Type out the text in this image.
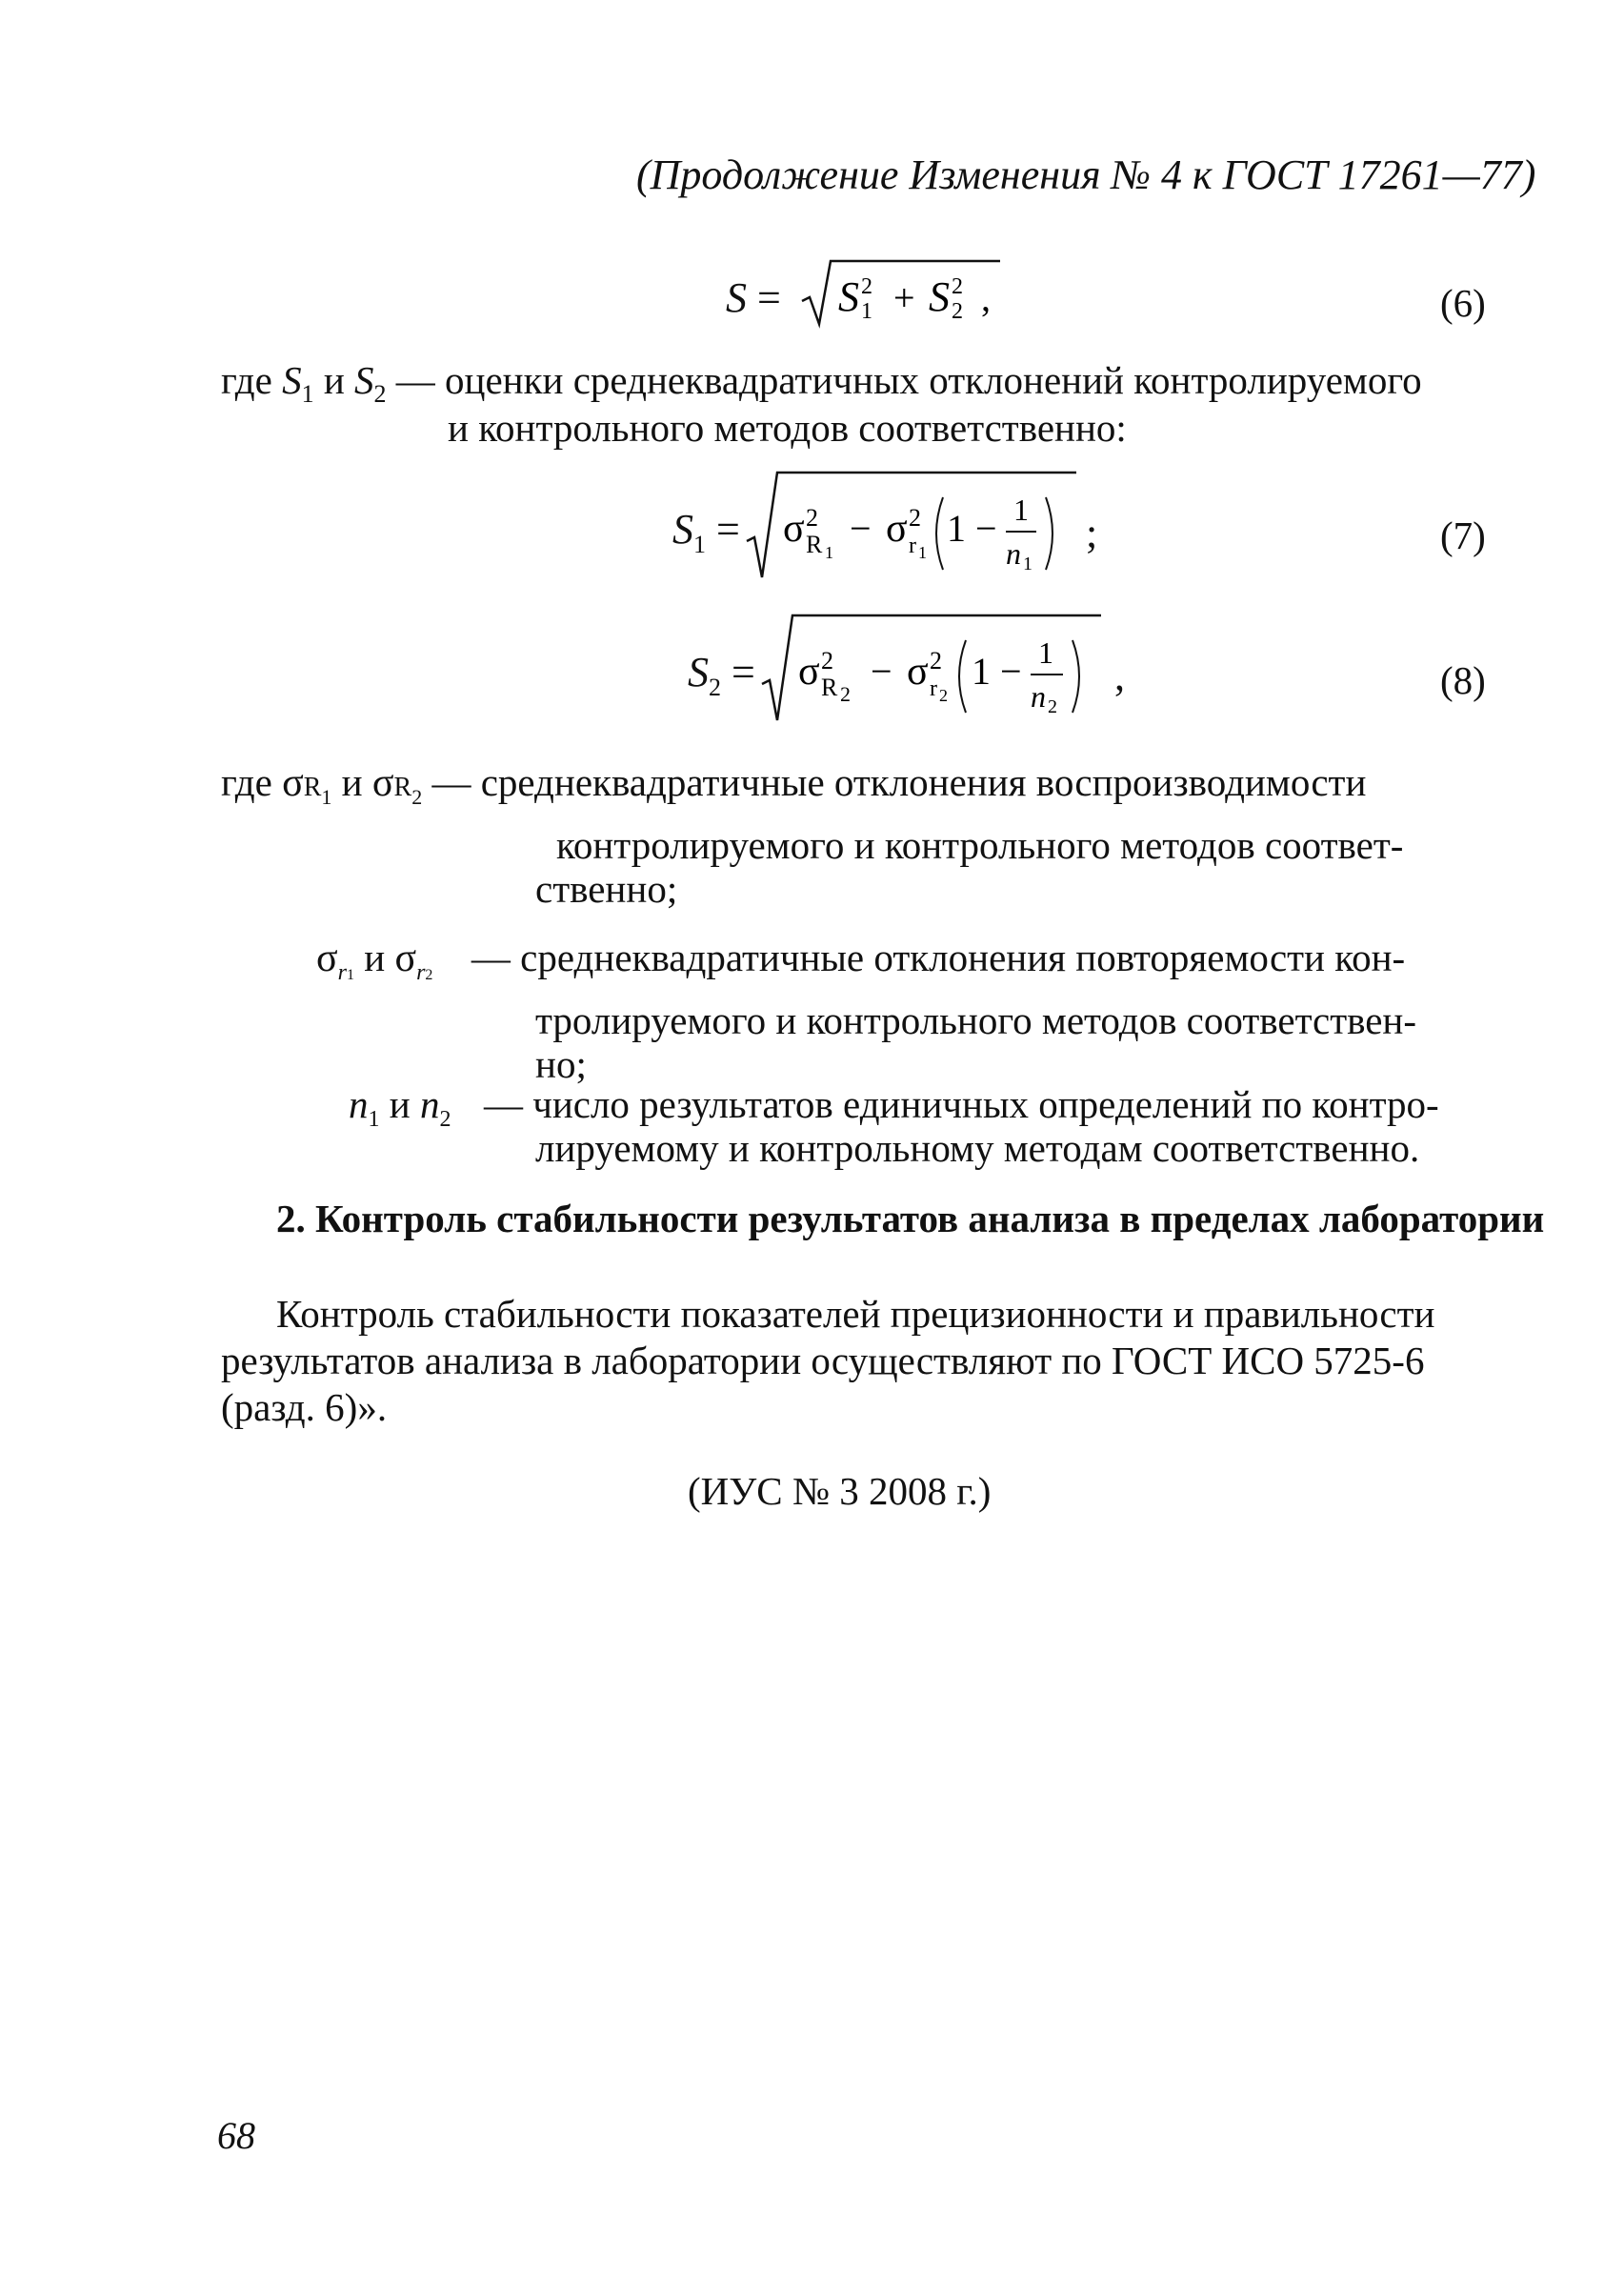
(Продолжение Изменения № 4 к ГОСТ 17261—77)
S = S 1
2 + S 2
2 ,	(6)
где $S_1$ и $S_2$ — оценки среднеквадратичных отклонений контролируемого
и контрольного методов соответственно:
$S_1 = \sigma$ R 1
2 − σ r 1
2 1 − 1
n 1
;	(7)
$S_2 = \sigma$ R 2
2 − σ r 2
2 1 − 1
n 2
,	(8)
где $\sigma R_1$ и $\sigma R_2$ — среднеквадратичные отклонения воспроизводимости
контролируемого и контрольного методов соответ-
ственно;
$\sigma_{r1}$ и $\sigma_{r2}$ — среднеквадратичные отклонения повторяемости кон-
тролируемого и контрольного методов соответствен-
но;
$n_1$ и $n_2$ — число результатов единичных определений по контро-
лируемому и контрольному методам соответственно.
2. Контроль стабильности результатов анализа в пределах лаборатории
Контроль стабильности показателей прецизионности и правильности
результатов анализа в лаборатории осуществляют по ГОСТ ИСО 5725-6
(разд. 6)».
(ИУС № 3 2008 г.)
68
